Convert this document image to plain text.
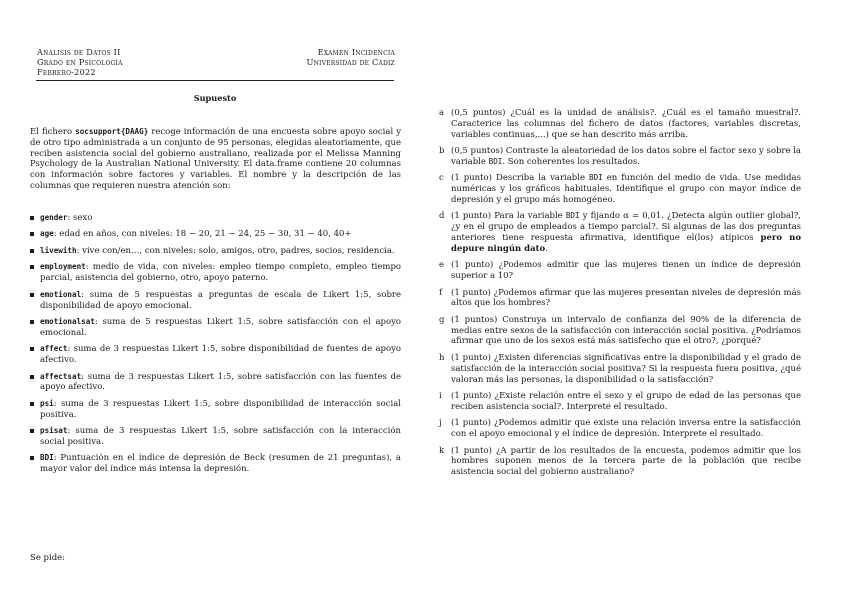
Análisis de Datos II
Grado en Psicología
Febrero-2022
Examen Incidencia
Universidad de Cádiz
Supuesto

El fichero socsupport{DAAG} recoge información de una encuesta sobre apoyo social y de otro tipo administrada a un conjunto de 95 personas, elegidas aleatoriamente, que reciben asistencia social del gobierno australiano, realizada por el Melissa Manning Psychology de la Australian National University. El data.frame contiene 20 columnas con información sobre factores y variables. El nombre y la descripción de las columnas que requieren nuestra atención son:

gender: sexo
age: edad en años, con niveles: 18 − 20, 21 − 24, 25 − 30, 31 − 40, 40+
livewith: vive con/en…, con niveles: solo, amigos, otro, padres, socios, residencia.
employment: medio de vida, con niveles: empleo tiempo completo, empleo tiempo parcial, asistencia del gobierno, otro, apoyo paterno.
emotional: suma de 5 respuestas a preguntas de escala de Likert 1:5, sobre disponibilidad de apoyo emocional.
emotionalsat: suma de 5 respuestas Likert 1:5, sobre satisfacción con el apoyo emocional.
affect: suma de 3 respuestas Likert 1:5, sobre disponibilidad de fuentes de apoyo afectivo.
affectsat: suma de 3 respuestas Likert 1:5, sobre satisfacción con las fuentes de apoyo afectivo.
psi: suma de 3 respuestas Likert 1:5, sobre disponibilidad de interacción social positiva.
psisat: suma de 3 respuestas Likert 1:5, sobre satisfacción con la interacción social positiva.
BDI: Puntuación en el índice de depresión de Beck (resumen de 21 preguntas), a mayor valor del índice más intensa la depresión.
Se pide:
a (0,5 puntos) ¿Cuál es la unidad de análisis?. ¿Cuál es el tamaño muestral?. Caracterice las columnas del fichero de datos (factores, variables discretas, variables continuas,...) que se han descrito más arriba.
b (0,5 puntos) Contraste la aleatoriedad de los datos sobre el factor sexo y sobre la variable BDI. Son coherentes los resultados.
c (1 punto) Describa la variable BDI en función del medio de vida. Use medidas numéricas y los gráficos habituales. Identifique el grupo con mayor índice de depresión y el grupo más homogéneo.
d (1 punto) Para la variable BDI y fijando α = 0,01. ¿Detecta algún outlier global?, ¿y en el grupo de empleados a tiempo parcial?. Si algunas de las dos preguntas anteriores tiene respuesta afirmativa, identifique el(los) atípicos pero no depure ningún dato.
e (1 punto) ¿Podemos admitir que las mujeres tienen un índice de depresión superior a 10?
f (1 punto) ¿Podemos afirmar que las mujeres presentan niveles de depresión más altos que los hombres?
g (1 puntos) Construya un intervalo de confianza del 90% de la diferencia de medias entre sexos de la satisfacción con interacción social positiva. ¿Podríamos afirmar que uno de los sexos está más satisfecho que el otro?, ¿porqué?
h (1 punto) ¿Existen diferencias significativas entre la disponibilidad y el grado de satisfacción de la interacción social positiva? Si la respuesta fuera positiva, ¿qué valoran más las personas, la disponibilidad o la satisfacción?
i (1 punto) ¿Existe relación entre el sexo y el grupo de edad de las personas que reciben asistencia social?. Interprete el resultado.
j (1 punto) ¿Podemos admitir que existe una relación inversa entre la satisfacción con el apoyo emocional y el índice de depresión. Interprete el resultado.
k (1 punto) ¿A partir de los resultados de la encuesta, podemos admitir que los hombres suponen menos de la tercera parte de la población que recibe asistencia social del gobierno australiano?
